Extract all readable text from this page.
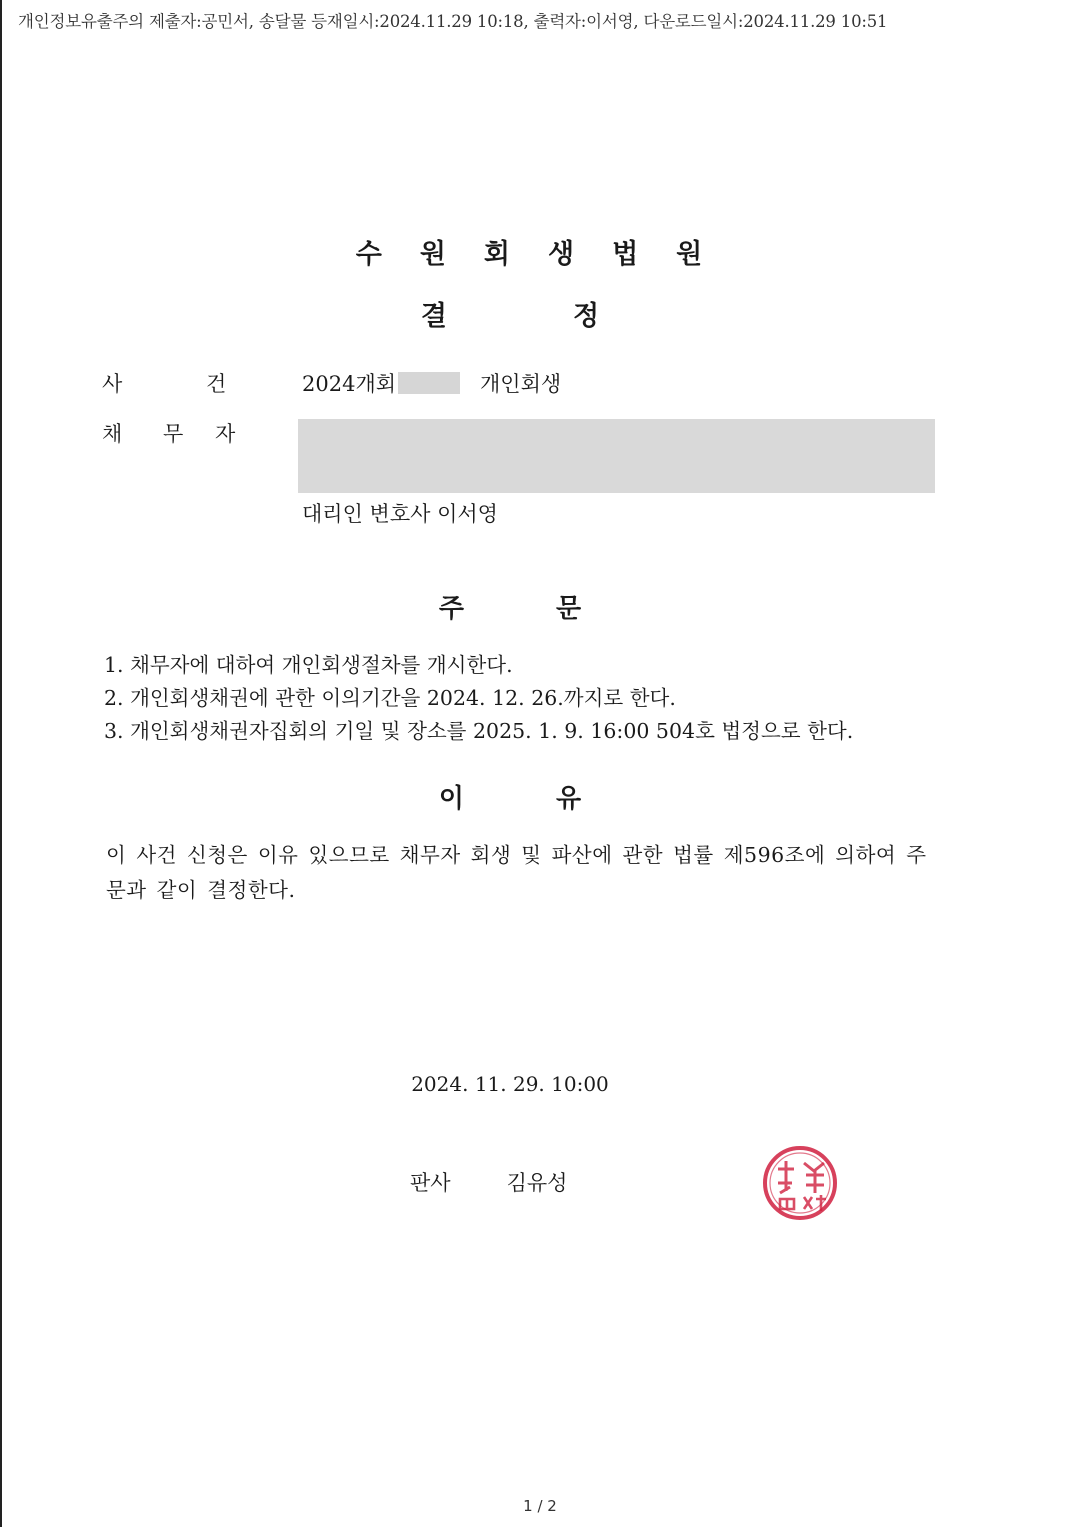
개인정보유출주의 제출자:공민서, 송달물 등재일시:2024.11.29 10:18, 출력자:이서영, 다운로드일시:2024.11.29 10:51
수원회생법원
결	정
사	건	2024개회	개인회생
채 무 자
대리인 변호사 이서영
주	문
1. 채무자에 대하여 개인회생절차를 개시한다.
2. 개인회생채권에 관한 이의기간을 2024. 12. 26.까지로 한다.
3. 개인회생채권자집회의 기일 및 장소를 2025. 1. 9. 16:00 504호 법정으로 한다.
이	유
이 사건 신청은 이유 있으므로 채무자 회생 및 파산에 관한 법률 제596조에 의하여 주문과 같이 결정한다.
2024. 11. 29. 10:00
판사	김유성
1 / 2
